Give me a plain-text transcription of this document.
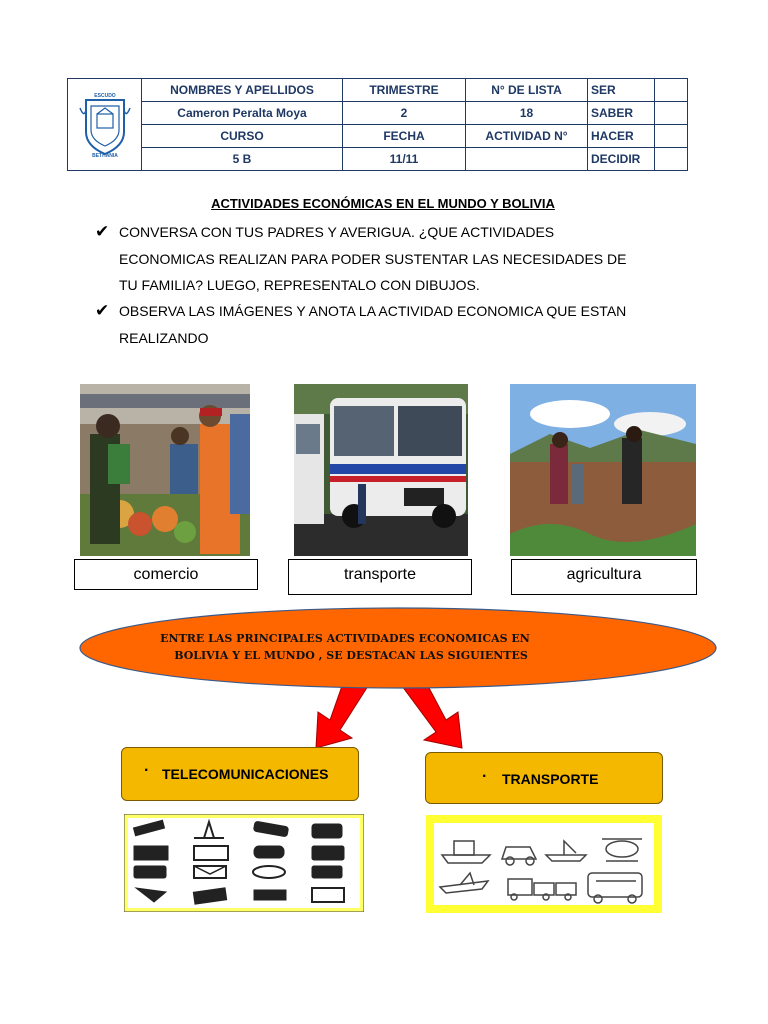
ESCUDO
BETHANIA	NOMBRES Y APELLIDOS	TRIMESTRE	N° DE LISTA	SER	
	Cameron Peralta Moya	2	18	SABER	
	CURSO	FECHA	ACTIVIDAD N°	HACER	
	5 B	11/11		DECIDIR	
ACTIVIDADES ECONÓMICAS EN EL MUNDO Y BOLIVIA
✔ CONVERSA CON TUS PADRES Y AVERIGUA. ¿QUE ACTIVIDADES
ECONOMICAS REALIZAN PARA PODER SUSTENTAR LAS NECESIDADES DE
TU FAMILIA? LUEGO, REPRESENTALO CON DIBUJOS.
✔ OBSERVA LAS IMÁGENES Y ANOTA LA ACTIVIDAD ECONOMICA QUE ESTAN
REALIZANDO
comercio	transporte	agricultura
ENTRE LAS PRINCIPALES ACTIVIDADES ECONOMICAS EN
BOLIVIA Y EL MUNDO , SE DESTACAN LAS SIGUIENTES
· TELECOMUNICACIONES	· TRANSPORTE
